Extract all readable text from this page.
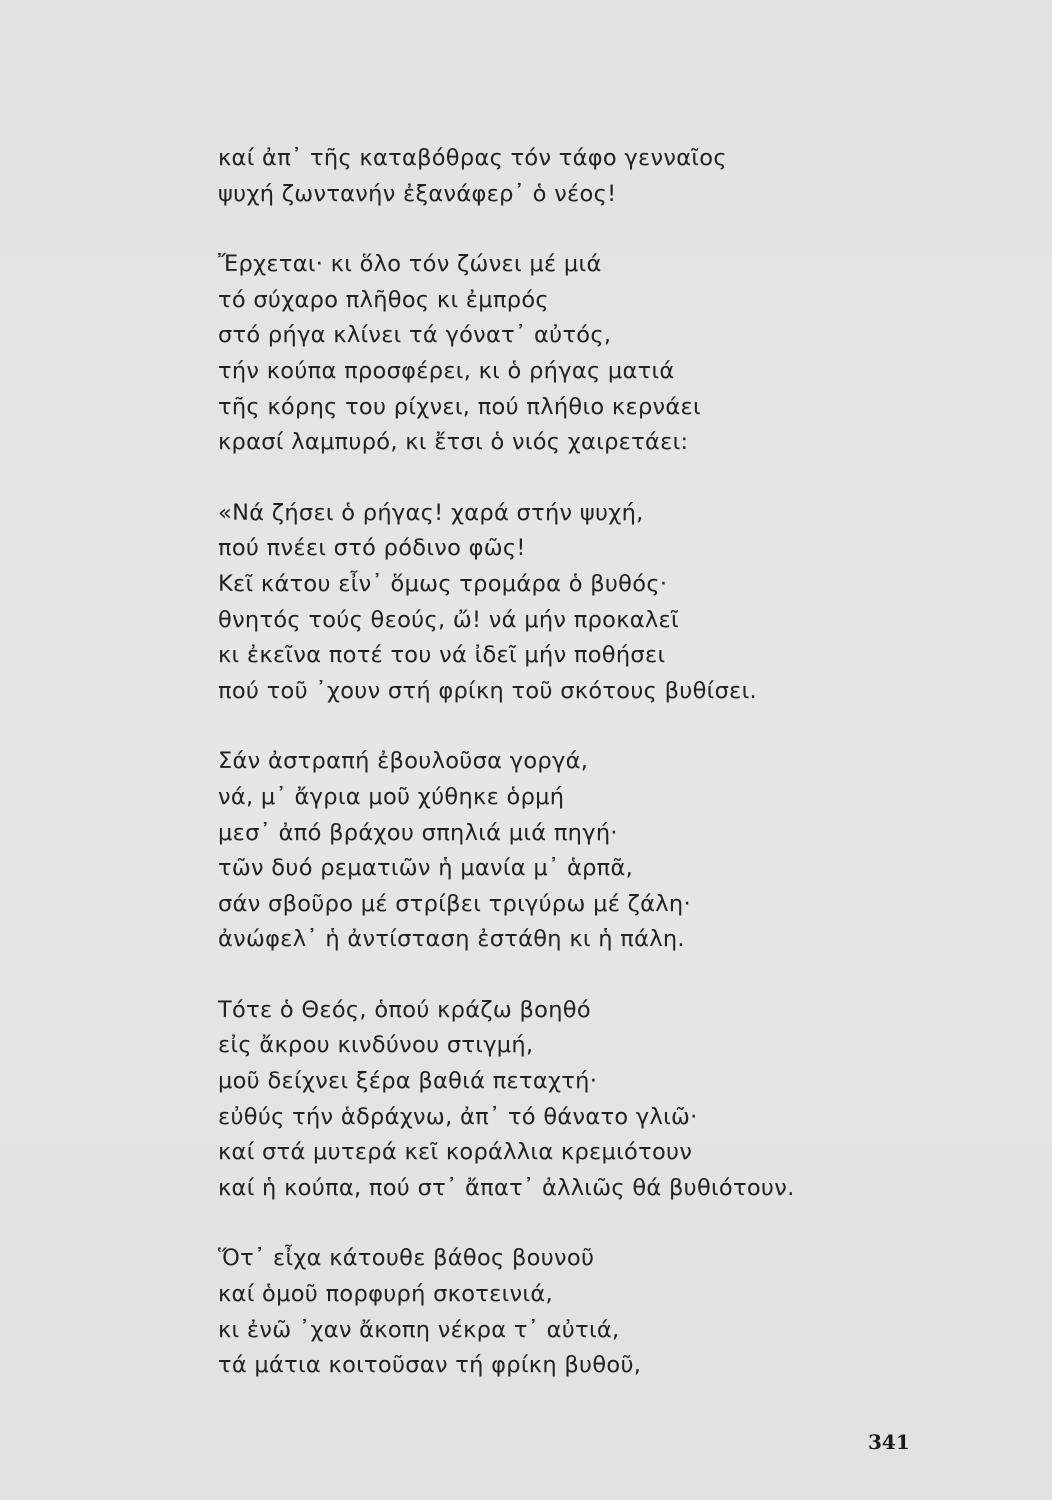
καί ἀπ᾽ τῆς καταβόθρας τόν τάφο γενναῖος
ψυχή ζωντανήν ἐξανάφερ᾽ ὁ νέος!
Ἔρχεται· κι ὅλο τόν ζώνει μέ μιά
τό σύχαρο πλῆθος κι ἐμπρός
στό ρήγα κλίνει τά γόνατ᾽ αὐτός,
τήν κούπα προσφέρει, κι ὁ ρήγας ματιά
τῆς κόρης του ρίχνει, πού πλήθιο κερνάει
κρασί λαμπυρό, κι ἔτσι ὁ νιός χαιρετάει:
«Νά ζήσει ὁ ρήγας! χαρά στήν ψυχή,
πού πνέει στό ρόδινο φῶς!
Κεῖ κάτου εἶν᾽ ὅμως τρομάρα ὁ βυθός·
θνητός τούς θεούς, ὤ! νά μήν προκαλεῖ
κι ἐκεῖνα ποτέ του νά ἰδεῖ μήν ποθήσει
πού τοῦ ᾽χουν στή φρίκη τοῦ σκότους βυθίσει.
Σάν ἀστραπή ἐβουλοῦσα γοργά,
νά, μ᾽ ἄγρια μοῦ χύθηκε ὁρμή
μεσ᾽ ἀπό βράχου σπηλιά μιά πηγή·
τῶν δυό ρεματιῶν ἡ μανία μ᾽ ἁρπᾶ,
σάν σβοῦρο μέ στρίβει τριγύρω μέ ζάλη·
ἀνώφελ᾽ ἡ ἀντίσταση ἐστάθη κι ἡ πάλη.
Τότε ὁ Θεός, ὁπού κράζω βοηθό
εἰς ἄκρου κινδύνου στιγμή,
μοῦ δείχνει ξέρα βαθιά πεταχτή·
εὐθύς τήν ἁδράχνω, ἀπ᾽ τό θάνατο γλιῶ·
καί στά μυτερά κεῖ κοράλλια κρεμιότουν
καί ἡ κούπα, πού στ᾽ ἄπατ᾽ ἀλλιῶς θά βυθιότουν.
Ὅτ᾽ εἶχα κάτουθε βάθος βουνοῦ
καί ὁμοῦ πορφυρή σκοτεινιά,
κι ἐνῶ ᾽χαν ἄκοπη νέκρα τ᾽ αὐτιά,
τά μάτια κοιτοῦσαν τή φρίκη βυθοῦ,
341
